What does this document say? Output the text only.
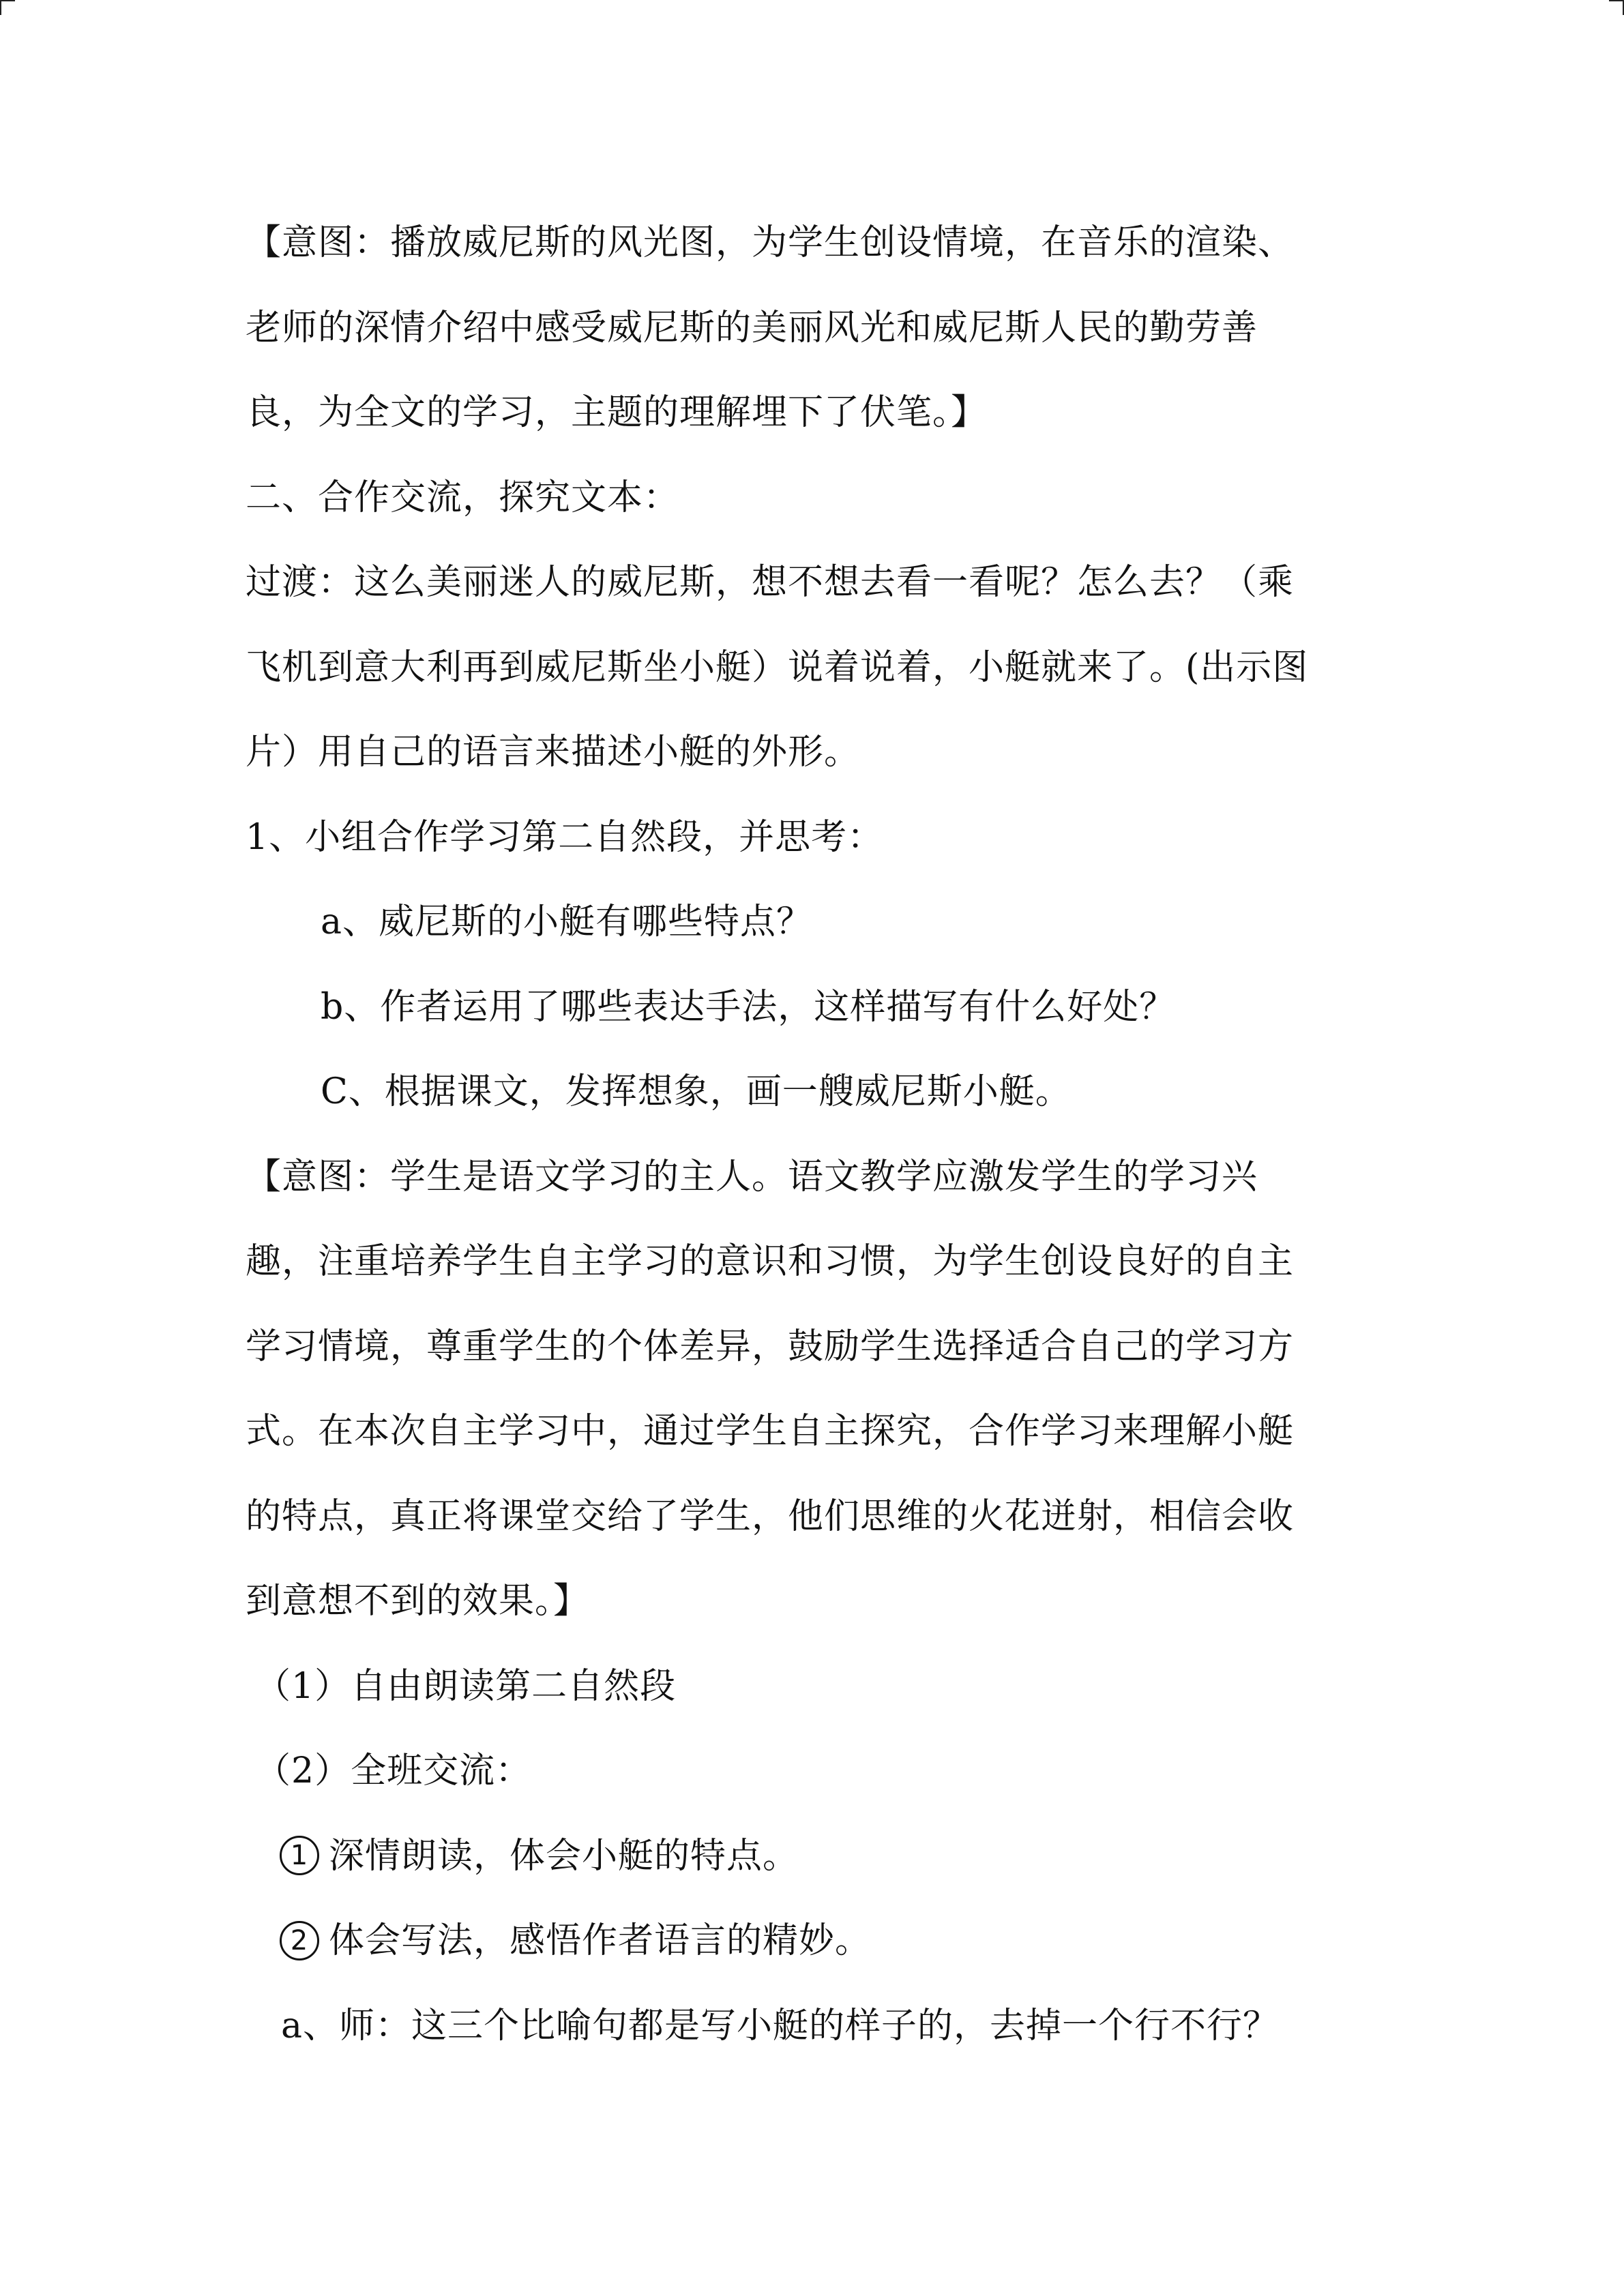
【意图：播放威尼斯的风光图，为学生创设情境，在音乐的渲染、
老师的深情介绍中感受威尼斯的美丽风光和威尼斯人民的勤劳善
良，为全文的学习，主题的理解埋下了伏笔。】
二、合作交流，探究文本：
过渡：这么美丽迷人的威尼斯，想不想去看一看呢？怎么去？（乘
飞机到意大利再到威尼斯坐小艇）说着说着，小艇就来了。(出示图
片）用自己的语言来描述小艇的外形。
1、小组合作学习第二自然段，并思考：
a、威尼斯的小艇有哪些特点？
b、作者运用了哪些表达手法，这样描写有什么好处？
C、根据课文，发挥想象，画一艘威尼斯小艇。
【意图：学生是语文学习的主人。语文教学应激发学生的学习兴
趣，注重培养学生自主学习的意识和习惯，为学生创设良好的自主
学习情境，尊重学生的个体差异，鼓励学生选择适合自己的学习方
式。在本次自主学习中，通过学生自主探究，合作学习来理解小艇
的特点，真正将课堂交给了学生，他们思维的火花迸射，相信会收
到意想不到的效果。】
（1）自由朗读第二自然段
（2）全班交流：
1 深情朗读，体会小艇的特点。
2 体会写法，感悟作者语言的精妙。
a、师：这三个比喻句都是写小艇的样子的，去掉一个行不行？
